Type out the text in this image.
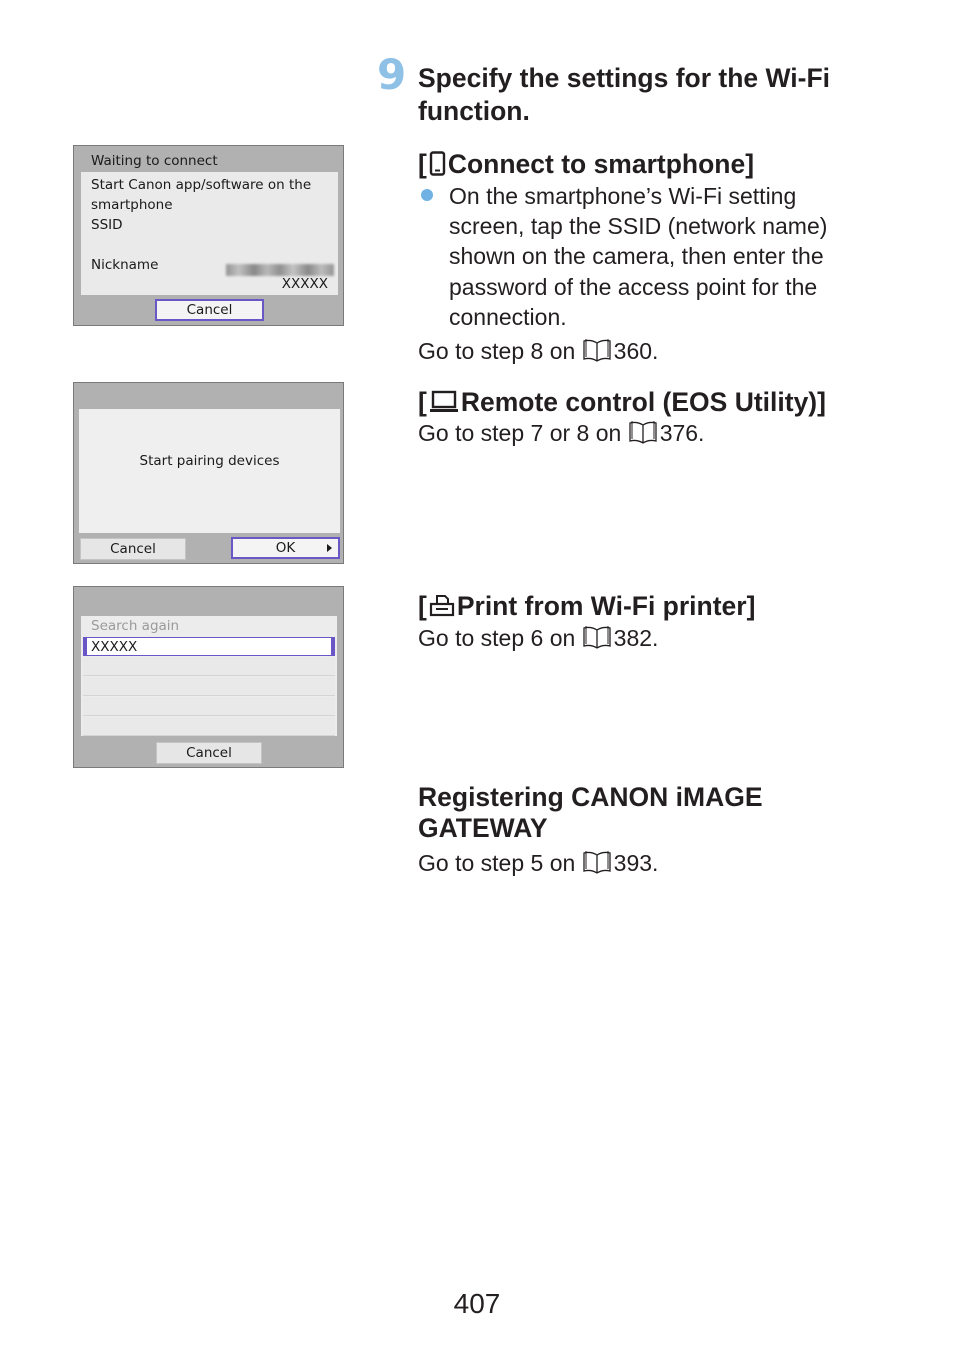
9 Specify the settings for the Wi-Fi
function.
[ Connect to smartphone]
On the smartphone’s Wi-Fi setting
screen, tap the SSID (network name)
shown on the camera, then enter the
password of the access point for the
connection.
Go to step 8 on 360.
[ Remote control (EOS Utility)]
Go to step 7 or 8 on 376.
[ Print from Wi-Fi printer]
Go to step 6 on 382.
Registering CANON iMAGE
GATEWAY
Go to step 5 on 393.
Waiting to connect
Start Canon app/software on the
smartphone
SSID
Nickname
XXXXX
Cancel
Start pairing devices
Cancel	OK
Search again
XXXXX
Cancel
407
